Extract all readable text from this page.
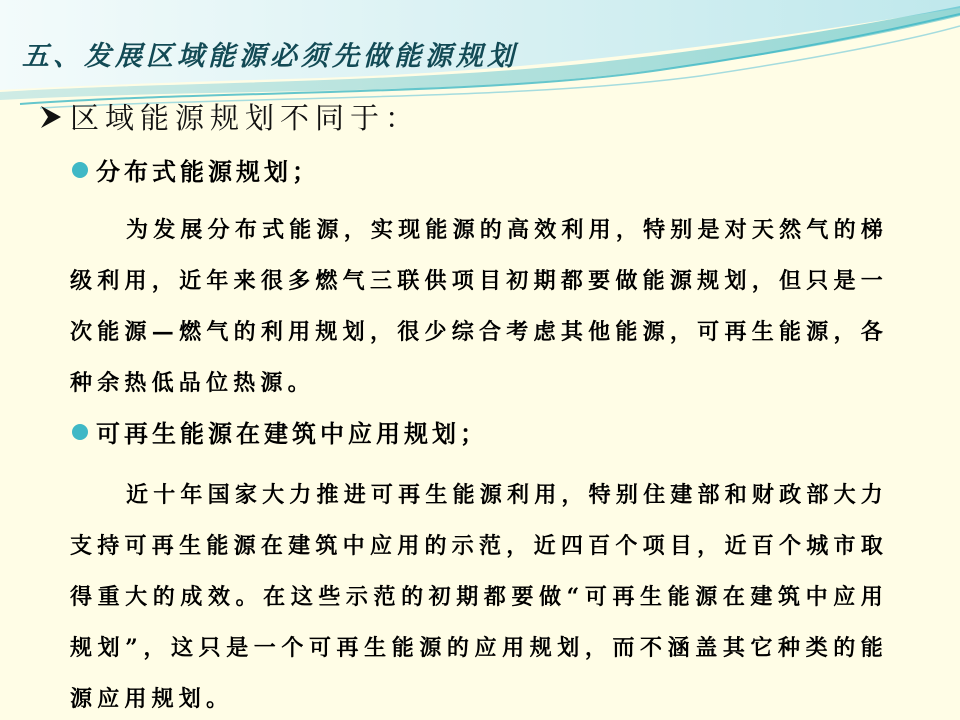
五、发展区域能源必须先做能源规划
区域能源规划不同于：
分布式能源规划；
为发展分布式能源，实现能源的高效利用，特别是对天然气的梯级利用，近年来很多燃气三联供项目初期都要做能源规划，但只是一次能源—燃气的利用规划，很少综合考虑其他能源，可再生能源，各种余热低品位热源。
可再生能源在建筑中应用规划；
近十年国家大力推进可再生能源利用，特别住建部和财政部大力支持可再生能源在建筑中应用的示范，近四百个项目，近百个城市取得重大的成效。在这些示范的初期都要做“可再生能源在建筑中应用规划”，这只是一个可再生能源的应用规划，而不涵盖其它种类的能源应用规划。
